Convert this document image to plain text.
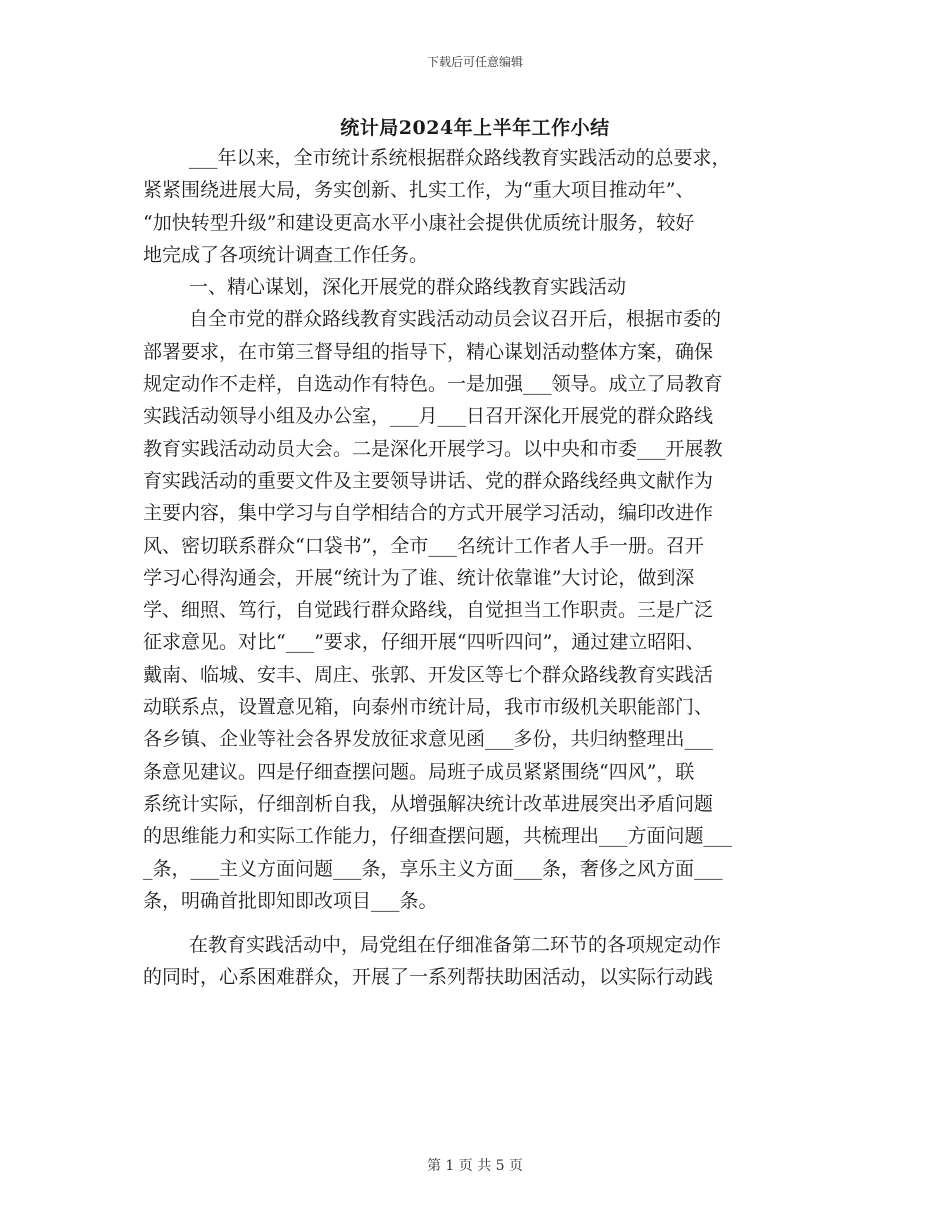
下载后可任意编辑
统计局2024年上半年工作小结
___年以来，全市统计系统根据群众路线教育实践活动的总要求，
紧紧围绕进展大局，务实创新、扎实工作，为“重大项目推动年”、
“加快转型升级”和建设更高水平小康社会提供优质统计服务，较好
地完成了各项统计调查工作任务。
一、精心谋划，深化开展党的群众路线教育实践活动
自全市党的群众路线教育实践活动动员会议召开后，根据市委的
部署要求，在市第三督导组的指导下，精心谋划活动整体方案，确保
规定动作不走样，自选动作有特色。一是加强___领导。成立了局教育
实践活动领导小组及办公室，___月___日召开深化开展党的群众路线
教育实践活动动员大会。二是深化开展学习。以中央和市委___开展教
育实践活动的重要文件及主要领导讲话、党的群众路线经典文献作为
主要内容，集中学习与自学相结合的方式开展学习活动，编印改进作
风、密切联系群众“口袋书”，全市___名统计工作者人手一册。召开
学习心得沟通会，开展“统计为了谁、统计依靠谁”大讨论，做到深
学、细照、笃行，自觉践行群众路线，自觉担当工作职责。三是广泛
征求意见。对比“___”要求，仔细开展“四听四问”，通过建立昭阳、
戴南、临城、安丰、周庄、张郭、开发区等七个群众路线教育实践活
动联系点，设置意见箱，向泰州市统计局，我市市级机关职能部门、
各乡镇、企业等社会各界发放征求意见函___多份，共归纳整理出___
条意见建议。四是仔细查摆问题。局班子成员紧紧围绕“四风”，联
系统计实际，仔细剖析自我，从增强解决统计改革进展突出矛盾问题
的思维能力和实际工作能力，仔细查摆问题，共梳理出___方面问题___
_条，___主义方面问题___条，享乐主义方面___条，奢侈之风方面___
条，明确首批即知即改项目___条。
在教育实践活动中，局党组在仔细准备第二环节的各项规定动作
的同时，心系困难群众，开展了一系列帮扶助困活动，以实际行动践
第 1 页 共 5 页
